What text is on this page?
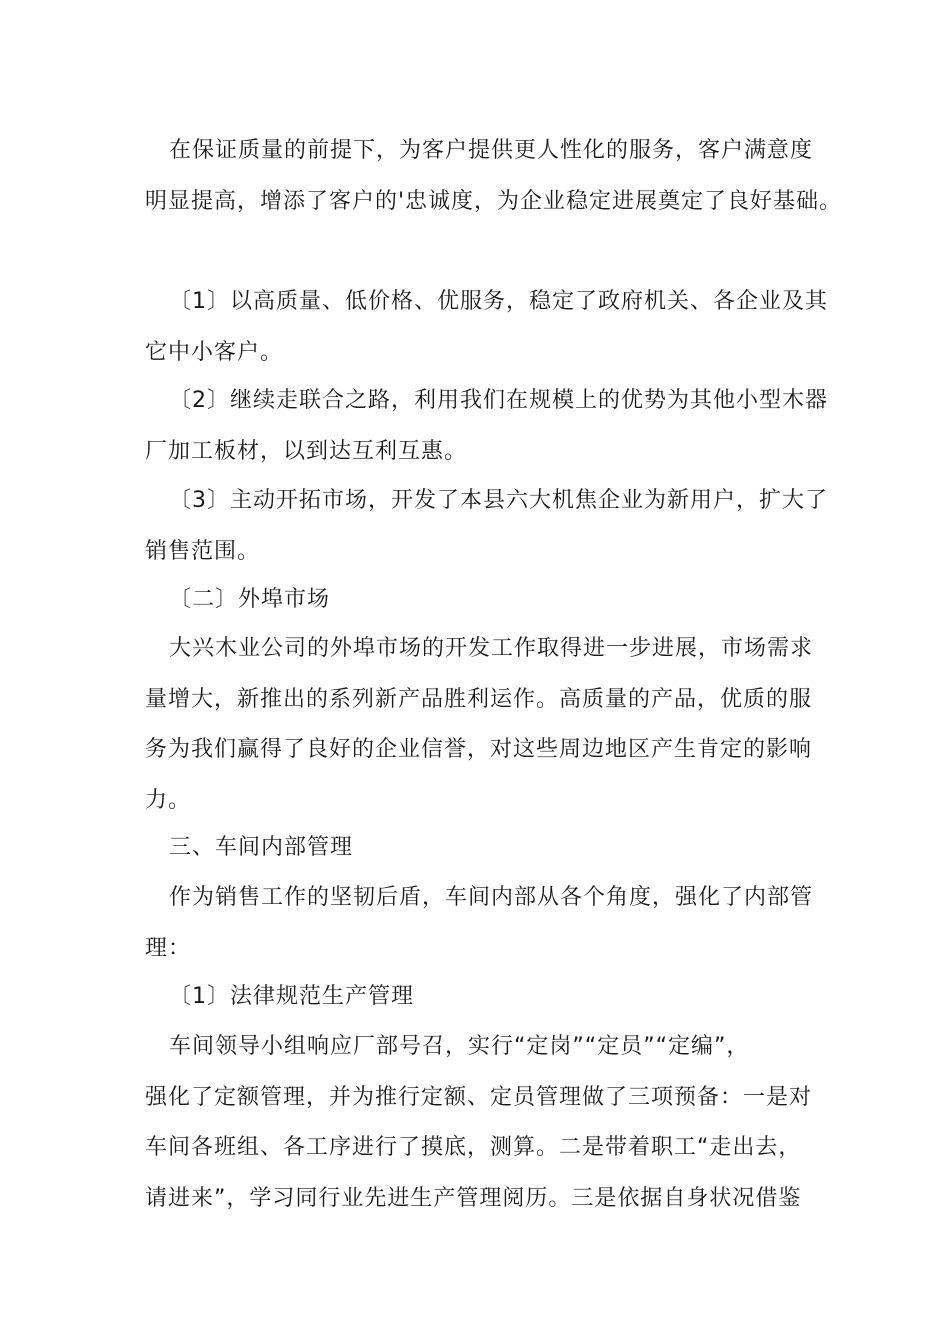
在保证质量的前提下，为客户提供更人性化的服务，客户满意度
明显提高，增添了客户的'忠诚度，为企业稳定进展奠定了良好基础。
〔1〕以高质量、低价格、优服务，稳定了政府机关、各企业及其
它中小客户。
〔2〕继续走联合之路，利用我们在规模上的优势为其他小型木器
厂加工板材，以到达互利互惠。
〔3〕主动开拓市场，开发了本县六大机焦企业为新用户，扩大了
销售范围。
〔二〕外埠市场
大兴木业公司的外埠市场的开发工作取得进一步进展，市场需求
量增大，新推出的系列新产品胜利运作。高质量的产品，优质的服
务为我们赢得了良好的企业信誉，对这些周边地区产生肯定的影响
力。
三、车间内部管理
作为销售工作的坚韧后盾，车间内部从各个角度，强化了内部管
理：
〔1〕法律规范生产管理
车间领导小组响应厂部号召，实行“定岗”“定员”“定编”，
强化了定额管理，并为推行定额、定员管理做了三项预备：一是对
车间各班组、各工序进行了摸底，测算。二是带着职工“走出去，
请进来”，学习同行业先进生产管理阅历。三是依据自身状况借鉴
